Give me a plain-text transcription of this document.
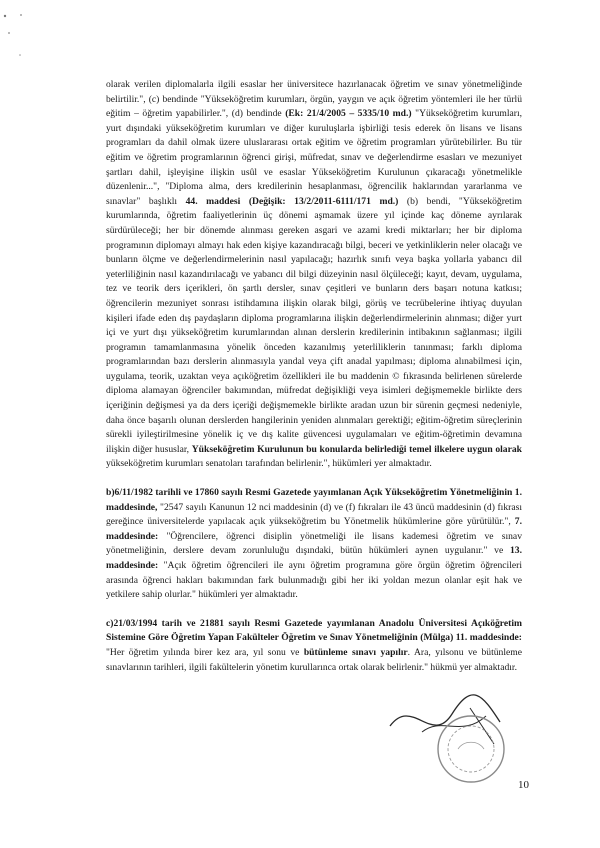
olarak verilen diplomalarla ilgili esaslar her üniversitece hazırlanacak öğretim ve sınav yönetmeliğinde belirtilir.", (c) bendinde "Yükseköğretim kurumları, örgün, yaygın ve açık öğretim yöntemleri ile her türlü eğitim – öğretim yapabilirler.", (d) bendinde (Ek: 21/4/2005 – 5335/10 md.) "Yükseköğretim kurumları, yurt dışındaki yükseköğretim kurumları ve diğer kuruluşlarla işbirliği tesis ederek ön lisans ve lisans programları da dahil olmak üzere uluslararası ortak eğitim ve öğretim programları yürütebilirler. Bu tür eğitim ve öğretim programlarının öğrenci girişi, müfredat, sınav ve değerlendirme esasları ve mezuniyet şartları dahil, işleyişine ilişkin usûl ve esaslar Yükseköğretim Kurulunun çıkaracağı yönetmelikle düzenlenir...", "Diploma alma, ders kredilerinin hesaplanması, öğrencilik haklarından yararlanma ve sınavlar" başlıklı 44. maddesi (Değişik: 13/2/2011-6111/171 md.) (b) bendi, "Yükseköğretim kurumlarında, öğretim faaliyetlerinin üç dönemi aşmamak üzere yıl içinde kaç döneme ayrılarak sürdürüleceği; her bir dönemde alınması gereken asgari ve azami kredi miktarları; her bir diploma programının diplomayı almayı hak eden kişiye kazandıracağı bilgi, beceri ve yetkinliklerin neler olacağı ve bunların ölçme ve değerlendirmelerinin nasıl yapılacağı; hazırlık sınıfı veya başka yollarla yabancı dil yeterliliğinin nasıl kazandırılacağı ve yabancı dil bilgi düzeyinin nasıl ölçüleceği; kayıt, devam, uygulama, tez ve teorik ders içerikleri, ön şartlı dersler, sınav çeşitleri ve bunların ders başarı notuna katkısı; öğrencilerin mezuniyet sonrası istihdamına ilişkin olarak bilgi, görüş ve tecrübelerine ihtiyaç duyulan kişileri ifade eden dış paydaşların diploma programlarına ilişkin değerlendirmelerinin alınması; diğer yurt içi ve yurt dışı yükseköğretim kurumlarından alınan derslerin kredilerinin intibakının sağlanması; ilgili programın tamamlanmasına yönelik önceden kazanılmış yeterliliklerin tanınması; farklı diploma programlarından bazı derslerin alınmasıyla yandal veya çift anadal yapılması; diploma alınabilmesi için, uygulama, teorik, uzaktan veya açıköğretim özellikleri ile bu maddenin © fıkrasında belirlenen sürelerde diploma alamayan öğrenciler bakımından, müfredat değişikliği veya isimleri değişmemekle birlikte ders içeriğinin değişmesi ya da ders içeriği değişmemekle birlikte aradan uzun bir sürenin geçmesi nedeniyle, daha önce başarılı olunan derslerden hangilerinin yeniden alınmaları gerektiği; eğitim-öğretim süreçlerinin sürekli iyileştirilmesine yönelik iç ve dış kalite güvencesi uygulamaları ve eğitim-öğretimin devamına ilişkin diğer hususlar, Yükseköğretim Kurulunun bu konularda belirlediği temel ilkelere uygun olarak yükseköğretim kurumları senatoları tarafından belirlenir.", hükümleri yer almaktadır.

b)6/11/1982 tarihli ve 17860 sayılı Resmi Gazetede yayımlanan Açık Yükseköğretim Yönetmeliğinin 1. maddesinde, "2547 sayılı Kanunun 12 nci maddesinin (d) ve (f) fıkraları ile 43 üncü maddesinin (d) fıkrası gereğince üniversitelerde yapılacak açık yükseköğretim bu Yönetmelik hükümlerine göre yürütülür.", 7. maddesinde: "Öğrencilere, öğrenci disiplin yönetmeliği ile lisans kademesi öğretim ve sınav yönetmeliğinin, derslere devam zorunluluğu dışındaki, bütün hükümleri aynen uygulanır." ve 13. maddesinde: "Açık öğretim öğrencileri ile aynı öğretim programına göre örgün öğretim öğrencileri arasında öğrenci hakları bakımından fark bulunmadığı gibi her iki yoldan mezun olanlar eşit hak ve yetkilere sahip olurlar." hükümleri yer almaktadır.

c)21/03/1994 tarih ve 21881 sayılı Resmi Gazetede yayımlanan Anadolu Üniversitesi Açıköğretim Sistemine Göre Öğretim Yapan Fakülteler Öğretim ve Sınav Yönetmeliğinin (Mülga) 11. maddesinde: "Her öğretim yılında birer kez ara, yıl sonu ve bütünleme sınavı yapılır. Ara, yılsonu ve bütünleme sınavlarının tarihleri, ilgili fakültelerin yönetim kurullarınca ortak olarak belirlenir." hükmü yer almaktadır.

10
